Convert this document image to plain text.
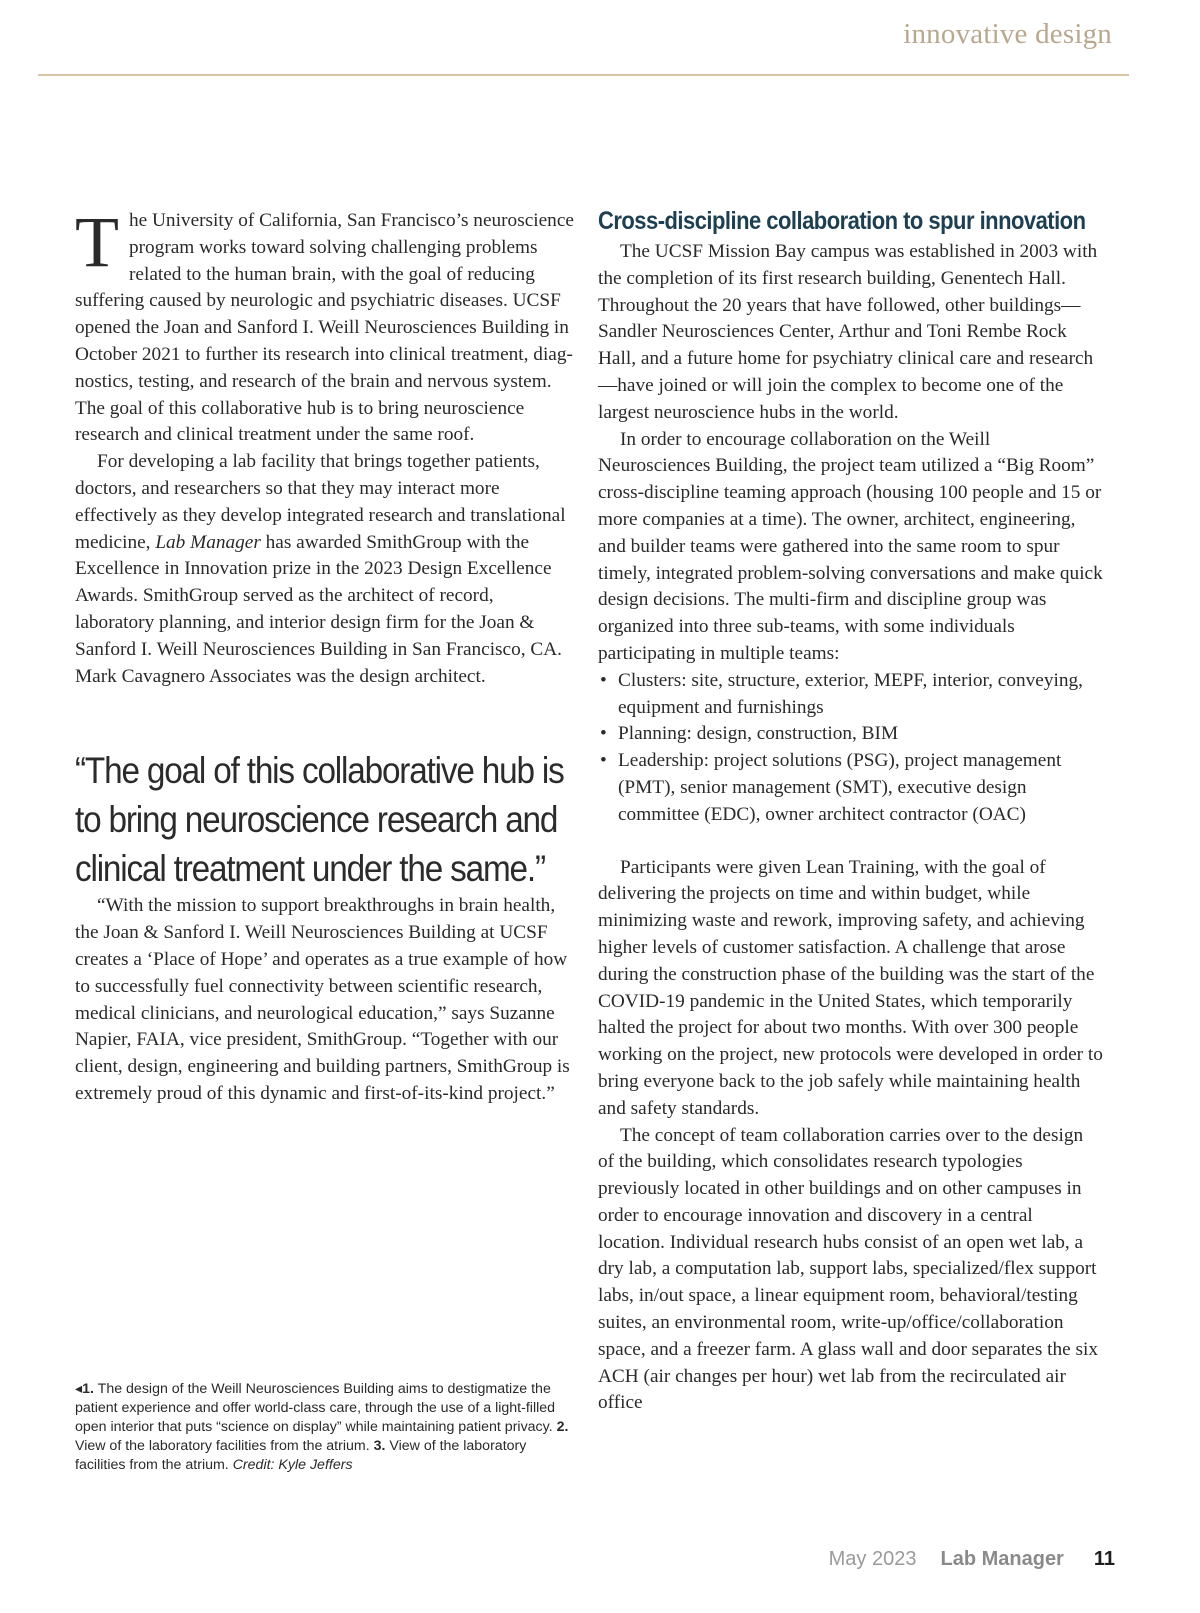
innovative design

The University of California, San Francisco’s neuroscience program works toward solving challenging problems related to the human brain, with the goal of reducing suffering caused by neurologic and psychiatric diseases. UCSF opened the Joan and Sanford I. Weill Neurosciences Building in October 2021 to further its research into clinical treatment, diagnostics, testing, and research of the brain and nervous system. The goal of this collaborative hub is to bring neuroscience research and clinical treatment under the same roof.

For developing a lab facility that brings together patients, doctors, and researchers so that they may interact more effectively as they develop integrated research and translational medicine, Lab Manager has awarded SmithGroup with the Excellence in Innovation prize in the 2023 Design Excellence Awards. SmithGroup served as the architect of record, laboratory planning, and interior design firm for the Joan & Sanford I. Weill Neurosciences Building in San Francisco, CA. Mark Cavagnero Associates was the design architect.

“The goal of this collaborative hub is to bring neuroscience research and clinical treatment under the same.”

“With the mission to support breakthroughs in brain health, the Joan & Sanford I. Weill Neurosciences Building at UCSF creates a ‘Place of Hope’ and operates as a true example of how to successfully fuel connectivity between scientific research, medical clinicians, and neurological education,” says Suzanne Napier, FAIA, vice president, SmithGroup. “Together with our client, design, engineering and building partners, SmithGroup is extremely proud of this dynamic and first-of-its-kind project.”

◂1. The design of the Weill Neurosciences Building aims to destigmatize the patient experience and offer world-class care, through the use of a light-filled open interior that puts “science on display” while maintaining patient privacy. 2. View of the laboratory facilities from the atrium. 3. View of the laboratory facilities from the atrium. Credit: Kyle Jeffers
Cross-discipline collaboration to spur innovation

The UCSF Mission Bay campus was established in 2003 with the completion of its first research building, Genentech Hall. Throughout the 20 years that have followed, other buildings—Sandler Neurosciences Center, Arthur and Toni Rembe Rock Hall, and a future home for psychiatry clinical care and research—have joined or will join the complex to become one of the largest neuroscience hubs in the world.

In order to encourage collaboration on the Weill Neurosciences Building, the project team utilized a “Big Room” cross-discipline teaming approach (housing 100 people and 15 or more companies at a time). The owner, architect, engineering, and builder teams were gathered into the same room to spur timely, integrated problem-solving conversations and make quick design decisions. The multi-firm and discipline group was organized into three sub-teams, with some individuals participating in multiple teams:

• Clusters: site, structure, exterior, MEPF, interior, conveying, equipment and furnishings
• Planning: design, construction, BIM
• Leadership: project solutions (PSG), project management (PMT), senior management (SMT), executive design committee (EDC), owner architect contractor (OAC)

Participants were given Lean Training, with the goal of delivering the projects on time and within budget, while minimizing waste and rework, improving safety, and achieving higher levels of customer satisfaction. A challenge that arose during the construction phase of the building was the start of the COVID-19 pandemic in the United States, which temporarily halted the project for about two months. With over 300 people working on the project, new protocols were developed in order to bring everyone back to the job safely while maintaining health and safety standards.

The concept of team collaboration carries over to the design of the building, which consolidates research typologies previously located in other buildings and on other campuses in order to encourage innovation and discovery in a central location. Individual research hubs consist of an open wet lab, a dry lab, a computation lab, support labs, specialized/flex support labs, in/out space, a linear equipment room, behavioral/testing suites, an environmental room, write-up/office/collaboration space, and a freezer farm. A glass wall and door separates the six ACH (air changes per hour) wet lab from the recirculated air office

May 2023 Lab Manager 11
